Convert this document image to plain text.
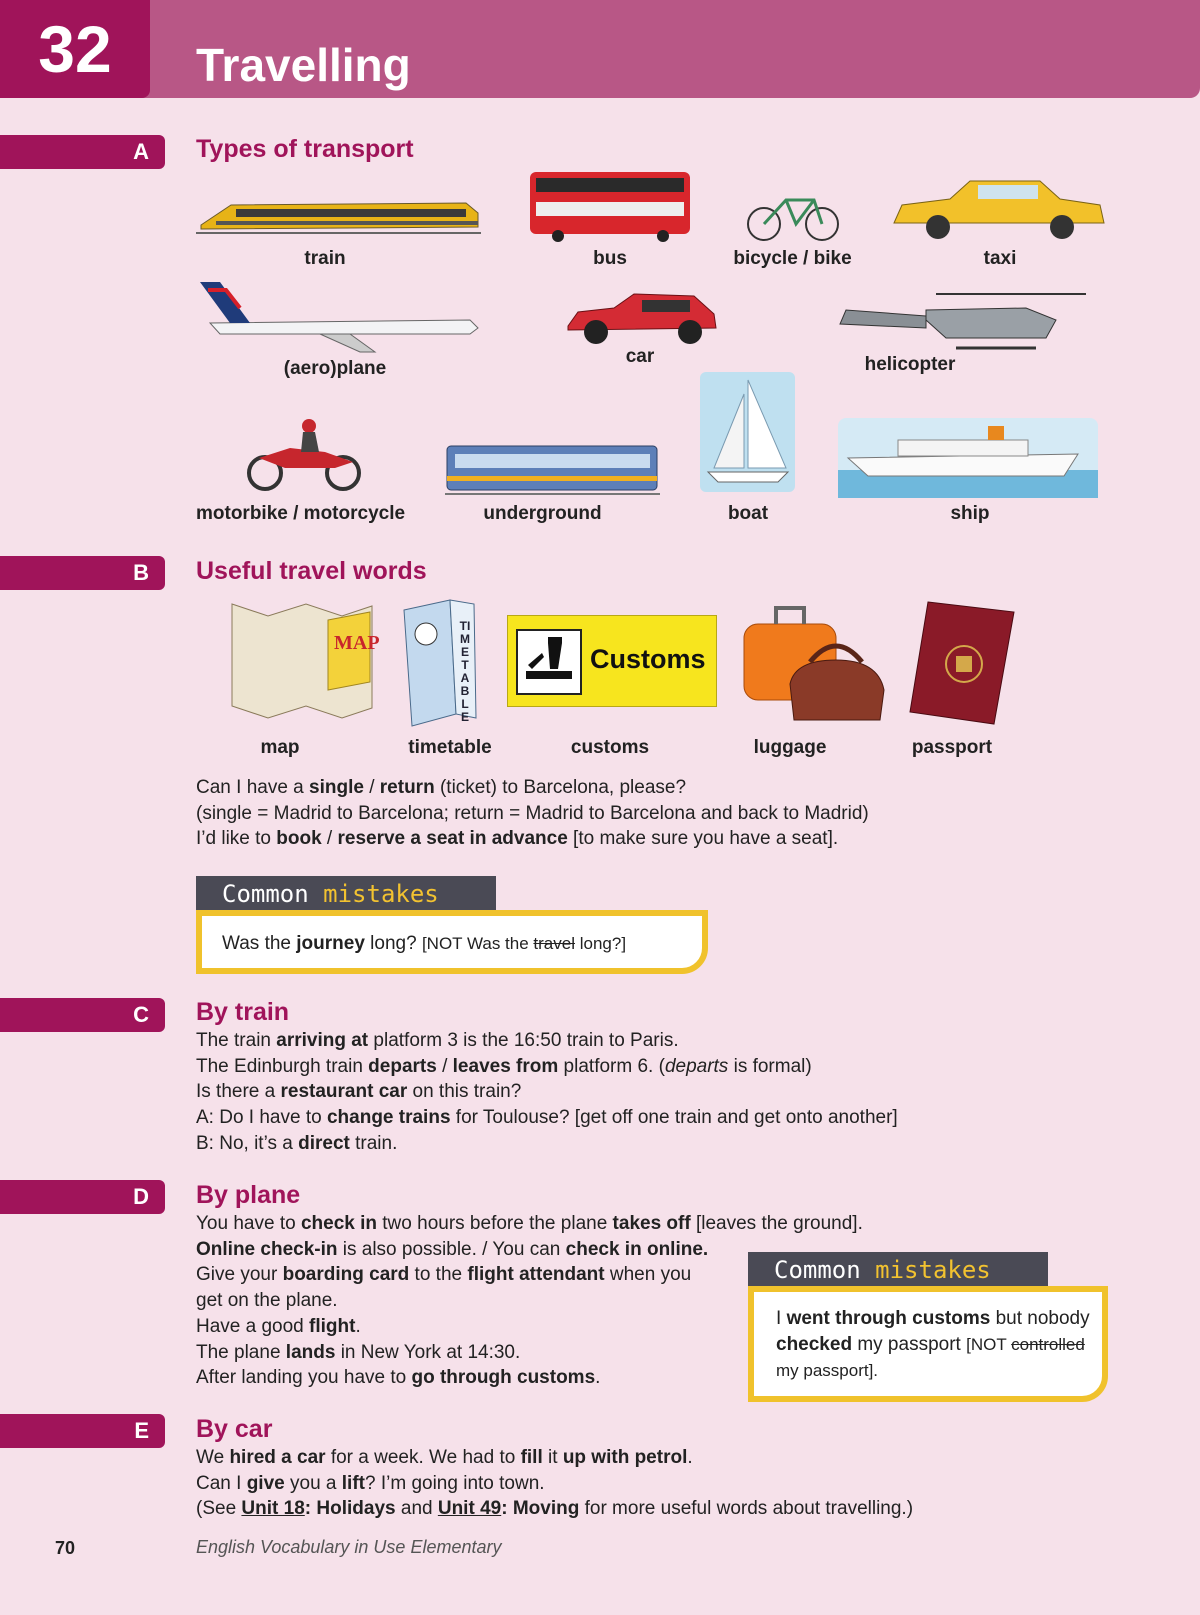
32	Travelling
A	Types of transport
train	bus	bicycle / bike	taxi
(aero)plane
car	helicopter
motorbike / motorcycle	underground	boat	ship
B	Useful travel words
MAP
map
TIMETABLE
timetable
Customs
customs	luggage	passport
Can I have a single / return (ticket) to Barcelona, please?
(single = Madrid to Barcelona; return = Madrid to Barcelona and back to Madrid)
I’d like to book / reserve a seat in advance [to make sure you have a seat].
Common mistakes
Was the journey long? [NOT Was the travel long?]
C	By train
The train arriving at platform 3 is the 16:50 train to Paris.
The Edinburgh train departs / leaves from platform 6. (departs is formal)
Is there a restaurant car on this train?
A: Do I have to change trains for Toulouse? [get off one train and get onto another]
B: No, it’s a direct train.
D	By plane
You have to check in two hours before the plane takes off [leaves the ground].
Online check-in is also possible. / You can check in online.
Give your boarding card to the flight attendant when you
get on the plane.
Have a good flight.
The plane lands in New York at 14:30.
After landing you have to go through customs.
Common mistakes
I went through customs but nobody
checked my passport [NOT controlled
my passport].
E	By car
We hired a car for a week. We had to fill it up with petrol.
Can I give you a lift? I’m going into town.
(See Unit 18: Holidays and Unit 49: Moving for more useful words about travelling.)
70	English Vocabulary in Use Elementary
